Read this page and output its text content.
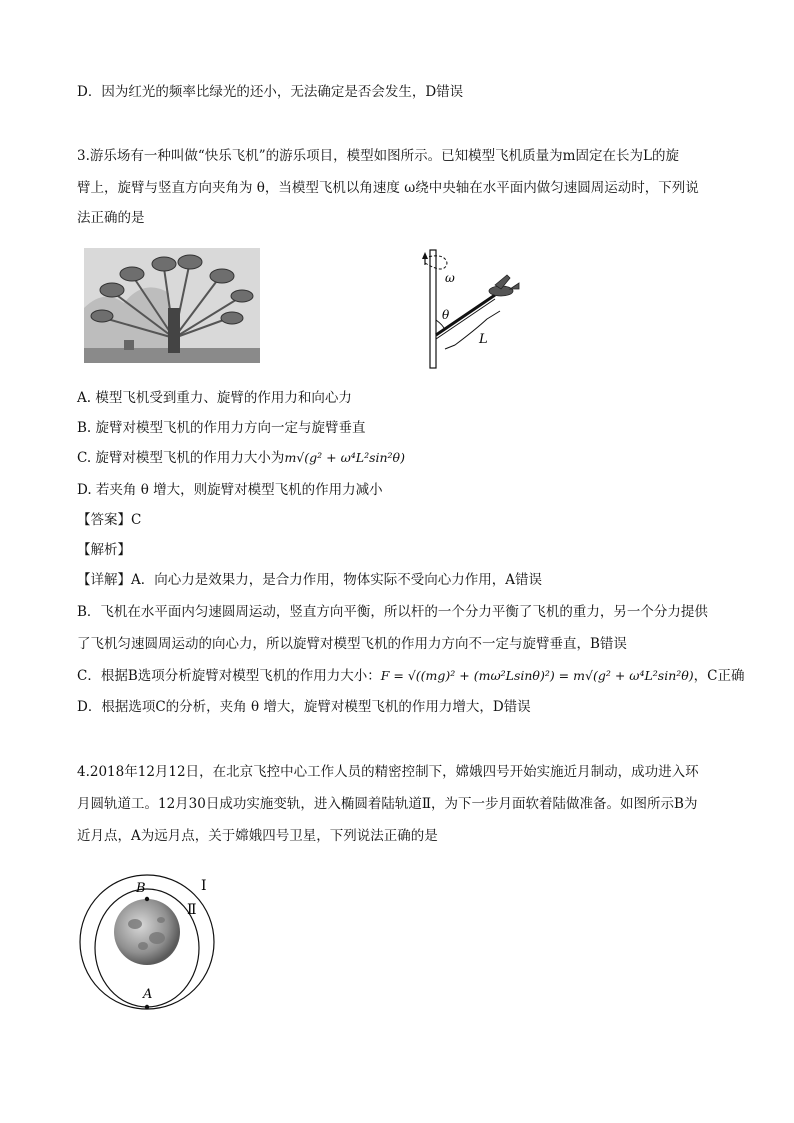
D．因为红光的频率比绿光的还小，无法确定是否会发生，D错误
3.游乐场有一种叫做“快乐飞机”的游乐项目，模型如图所示。已知模型飞机质量为m固定在长为L的旋
臂上，旋臂与竖直方向夹角为 θ，当模型飞机以角速度 ω绕中央轴在水平面内做匀速圆周运动时，下列说
法正确的是
ω
θ
L
A. 模型飞机受到重力、旋臂的作用力和向心力
B. 旋臂对模型飞机的作用力方向一定与旋臂垂直
C. 旋臂对模型飞机的作用力大小为m√(g² + ω⁴L²sin²θ)
D. 若夹角 θ 增大，则旋臂对模型飞机的作用力减小
【答案】C
【解析】
【详解】A．向心力是效果力，是合力作用，物体实际不受向心力作用，A错误
B．飞机在水平面内匀速圆周运动，竖直方向平衡，所以杆的一个分力平衡了飞机的重力，另一个分力提供
了飞机匀速圆周运动的向心力，所以旋臂对模型飞机的作用力方向不一定与旋臂垂直，B错误
C．根据B选项分析旋臂对模型飞机的作用力大小：F = √((mg)² + (mω²Lsinθ)²) = m√(g² + ω⁴L²sin²θ)，C正确
D．根据选项C的分析，夹角 θ 增大，旋臂对模型飞机的作用力增大，D错误
4.2018年12月12日，在北京飞控中心工作人员的精密控制下，嫦娥四号开始实施近月制动，成功进入环
月圆轨道工。12月30日成功实施变轨，进入椭圆着陆轨道Ⅱ，为下一步月面软着陆做准备。如图所示B为
近月点，A为远月点，关于嫦娥四号卫星，下列说法正确的是
B
A
Ⅰ
Ⅱ
